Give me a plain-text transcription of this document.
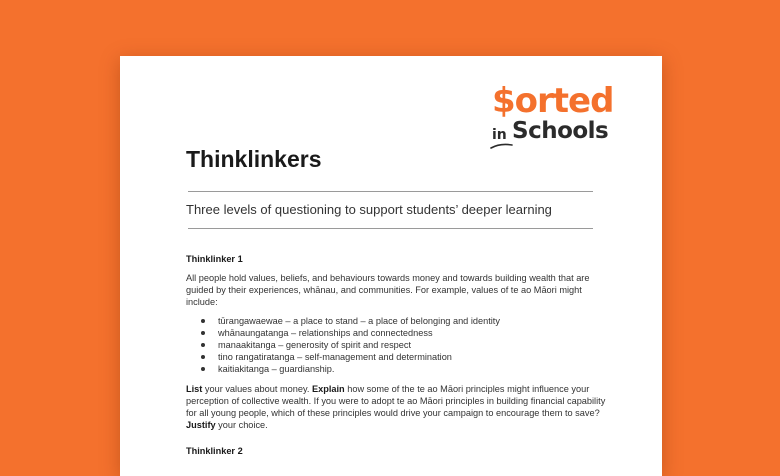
$orted
in Schools
Thinklinkers
Three levels of questioning to support students’ deeper learning
Thinklinker 1

All people hold values, beliefs, and behaviours towards money and towards building wealth that are guided by their experiences, whānau, and communities. For example, values of te ao Māori might include:

tūrangawaewae – a place to stand – a place of belonging and identity
whānaungatanga – relationships and connectedness
manaakitanga – generosity of spirit and respect
tino rangatiratanga – self-management and determination
kaitiakitanga – guardianship.

List your values about money. Explain how some of the te ao Māori principles might influence your perception of collective wealth. If you were to adopt te ao Māori principles in building financial capability for all young people, which of these principles would drive your campaign to encourage them to save? Justify your choice.

Thinklinker 2
